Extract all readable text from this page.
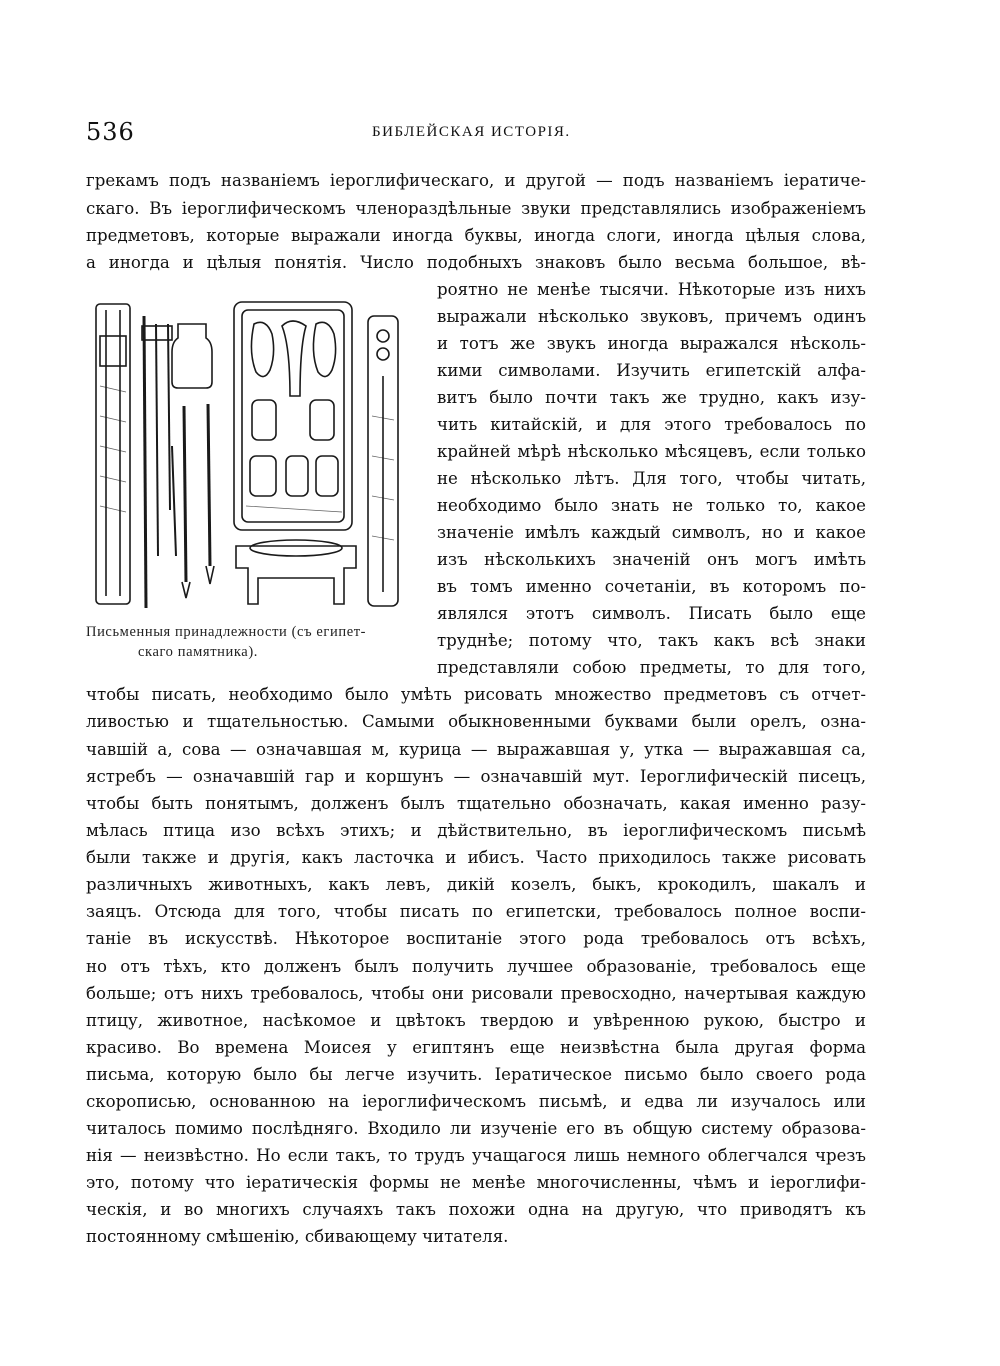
536	БИБЛЕЙСКАЯ ИСТОРІЯ.
грекамъ подъ названіемъ іероглифическаго, и другой — подъ названіемъ іератиче-
скаго. Въ іероглифическомъ членораздѣльные звуки представлялись изображеніемъ
предметовъ, которые выражали иногда буквы, иногда слоги, иногда цѣлыя слова,
а иногда и цѣлыя понятія. Число подобныхъ знаковъ было весьма большое, вѣ-
Письменныя принадлежности (съ египет-
скаго памятника).
роятно не менѣе тысячи. Нѣкоторые изъ нихъ
выражали нѣсколько звуковъ, причемъ одинъ
и тотъ же звукъ иногда выражался нѣсколь-
кими символами. Изучить египетскій алфа-
витъ было почти такъ же трудно, какъ изу-
чить китайскій, и для этого требовалось по
крайней мѣрѣ нѣсколько мѣсяцевъ, если только
не нѣсколько лѣтъ. Для того, чтобы читать,
необходимо было знать не только то, какое
значеніе имѣлъ каждый символъ, но и какое
изъ нѣсколькихъ значеній онъ могъ имѣть
въ томъ именно сочетаніи, въ которомъ по-
являлся этотъ символъ. Писать было еще
труднѣе; потому что, такъ какъ всѣ знаки
представляли собою предметы, то для того,
чтобы писать, необходимо было умѣть рисовать множество предметовъ съ отчет-
ливостью и тщательностью. Самыми обыкновенными буквами были орелъ, озна-
чавшій а, сова — означавшая м, курица — выражавшая у, утка — выражавшая са,
ястребъ — означавшій гар и коршунъ — означавшій мут. Іероглифическій писецъ,
чтобы быть понятымъ, долженъ былъ тщательно обозначать, какая именно разу-
мѣлась птица изо всѣхъ этихъ; и дѣйствительно, въ іероглифическомъ письмѣ
были также и другія, какъ ласточка и ибисъ. Часто приходилось также рисовать
различныхъ животныхъ, какъ левъ, дикій козелъ, быкъ, крокодилъ, шакалъ и
заяцъ. Отсюда для того, чтобы писать по египетски, требовалось полное воспи-
таніе въ искусствѣ. Нѣкоторое воспитаніе этого рода требовалось отъ всѣхъ,
но отъ тѣхъ, кто долженъ былъ получить лучшее образованіе, требовалось еще
больше; отъ нихъ требовалось, чтобы они рисовали превосходно, начертывая каждую
птицу, животное, насѣкомое и цвѣтокъ твердою и увѣренною рукою, быстро и
красиво. Во времена Моисея у египтянъ еще неизвѣстна была другая форма
письма, которую было бы легче изучить. Іератическое письмо было своего рода
скорописью, основанною на іероглифическомъ письмѣ, и едва ли изучалось или
читалось помимо послѣдняго. Входило ли изученіе его въ общую систему образова-
нія — неизвѣстно. Но если такъ, то трудъ учащагося лишь немного облегчался чрезъ
это, потому что іератическія формы не менѣе многочисленны, чѣмъ и іероглифи-
ческія, и во многихъ случаяхъ такъ похожи одна на другую, что приводятъ къ
постоянному смѣшенію, сбивающему читателя.
